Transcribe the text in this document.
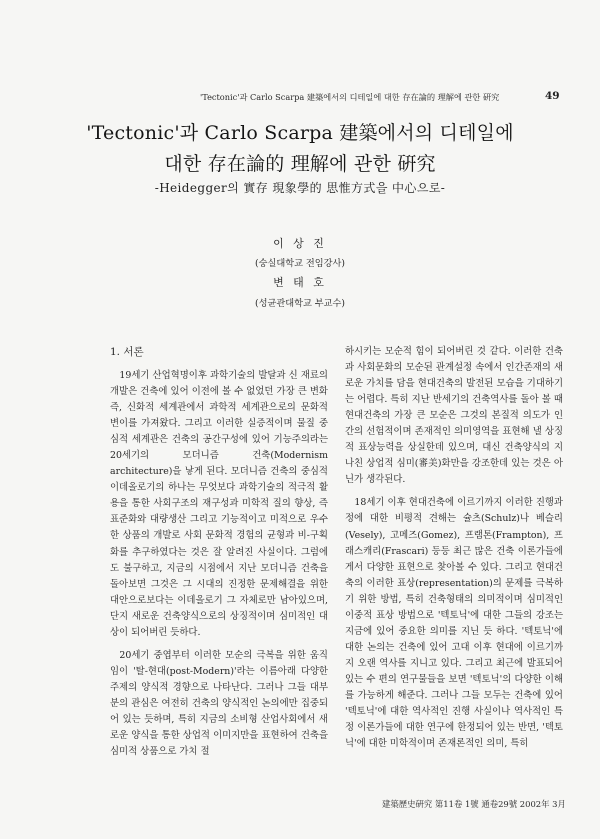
'Tectonic'과 Carlo Scarpa 建築에서의 디테일에 대한 存在論的 理解에 관한 硏究	49
'Tectonic'과 Carlo Scarpa 建築에서의 디테일에
대한 存在論的 理解에 관한 硏究
-Heidegger의 實存 現象學的 思惟方式을 中心으로-
이 상 진
(숭실대학교 전임강사)
변 태 호
(성균관대학교 부교수)
1. 서론

19세기 산업혁명이후 과학기술의 발달과 신 재료의 개발은 건축에 있어 이전에 볼 수 없었던 가장 큰 변화 즉, 신화적 세계관에서 과학적 세계관으로의 문화적 변이를 가져왔다. 그리고 이러한 실증적이며 물질 중심적 세계관은 건축의 공간구성에 있어 기능주의라는 20세기의 모더니즘 건축(Modernism architecture)을 낳게 된다. 모더니즘 건축의 중심적 이데올로기의 하나는 무엇보다 과학기술의 적극적 활용을 통한 사회구조의 재구성과 미학적 질의 향상, 즉 표준화와 대량생산 그리고 기능적이고 미적으로 우수한 상품의 개발로 사회 문화적 경험의 균형과 비-구획화를 추구하였다는 것은 잘 알려진 사실이다. 그럼에도 불구하고, 지금의 시점에서 지난 모더니즘 건축을 돌아보면 그것은 그 시대의 진정한 문제해결을 위한 대안으로보다는 이데올로기 그 자체로만 남아있으며, 단지 새로운 건축양식으로의 상징적이며 심미적인 대상이 되어버린 듯하다.

20세기 중엽부터 이러한 모순의 극복을 위한 움직임이 '탈-현대(post-Modern)'라는 이름아래 다양한 주제의 양식적 경향으로 나타난다. 그러나 그들 대부분의 관심은 여전히 건축의 양식적인 논의에만 집중되어 있는 듯하며, 특히 지금의 소비형 산업사회에서 새로운 양식을 통한 상업적 이미지만을 표현하여 건축을 심미적 상품으로 가치 절

하시키는 모순적 힘이 되어버린 것 같다. 이러한 건축과 사회문화의 모순된 관계설정 속에서 인간존재의 새로운 가치를 담을 현대건축의 발전된 모습을 기대하기는 어렵다. 특히 지난 반세기의 건축역사를 돌아 볼 때 현대건축의 가장 큰 모순은 그것의 본질적 의도가 인간의 선험적이며 존재적인 의미영역을 표현해 낼 상징적 표상능력을 상실한데 있으며, 대신 건축양식의 지나친 상업적 심미(審美)화만을 강조한데 있는 것은 아닌가 생각된다.

18세기 이후 현대건축에 이르기까지 이러한 진행과정에 대한 비평적 견해는 슐츠(Schulz)나 베슬리(Vesely), 고메즈(Gomez), 프램톤(Frampton), 프래스캐리(Frascari) 등등 최근 많은 건축 이론가들에게서 다양한 표현으로 찾아볼 수 있다. 그리고 현대건축의 이러한 표상(representation)의 문제를 극복하기 위한 방법, 특히 건축형태의 의미적이며 심미적인 이중적 표상 방법으로 '텍토닉'에 대한 그들의 강조는 지금에 있어 중요한 의미를 지닌 듯 하다. '텍토닉'에 대한 논의는 건축에 있어 고대 이후 현대에 이르기까지 오랜 역사를 지니고 있다. 그리고 최근에 발표되어있는 수 편의 연구물들을 보면 '텍토닉'의 다양한 이해를 가능하게 해준다. 그러나 그들 모두는 건축에 있어 '텍토닉'에 대한 역사적인 진행 사실이나 역사적인 특정 이론가들에 대한 연구에 한정되어 있는 반면, '텍토닉'에 대한 미학적이며 존재론적인 의미, 특히

建築歷史硏究 第11卷 1號 通卷29號 2002年 3月
